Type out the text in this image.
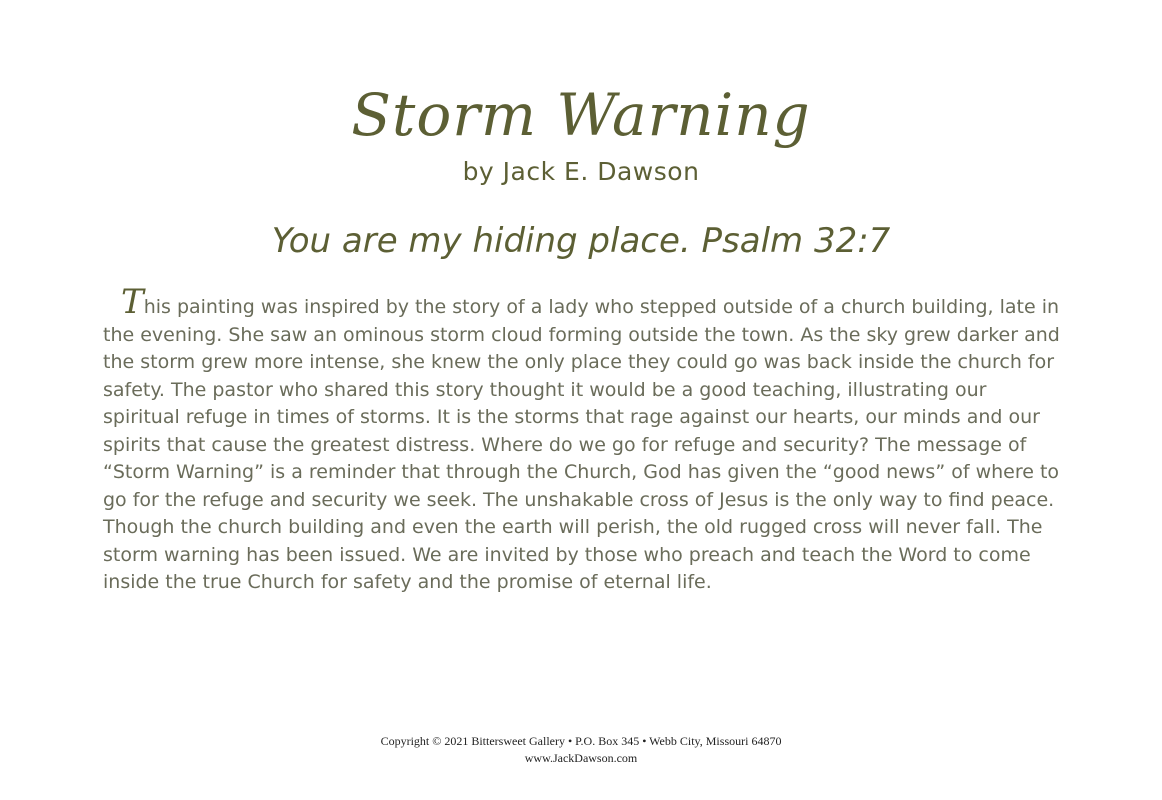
Storm Warning
by Jack E. Dawson
You are my hiding place. Psalm 32:7

This painting was inspired by the story of a lady who stepped outside of a church building, late in the evening. She saw an ominous storm cloud forming outside the town. As the sky grew darker and the storm grew more intense, she knew the only place they could go was back inside the church for safety. The pastor who shared this story thought it would be a good teaching, illustrating our spiritual refuge in times of storms. It is the storms that rage against our hearts, our minds and our spirits that cause the greatest distress. Where do we go for refuge and security? The message of “Storm Warning” is a reminder that through the Church, God has given the “good news” of where to go for the refuge and security we seek. The unshakable cross of Jesus is the only way to find peace. Though the church building and even the earth will perish, the old rugged cross will never fall. The storm warning has been issued. We are invited by those who preach and teach the Word to come inside the true Church for safety and the promise of eternal life.

Copyright © 2021 Bittersweet Gallery • P.O. Box 345 • Webb City, Missouri 64870
www.JackDawson.com
